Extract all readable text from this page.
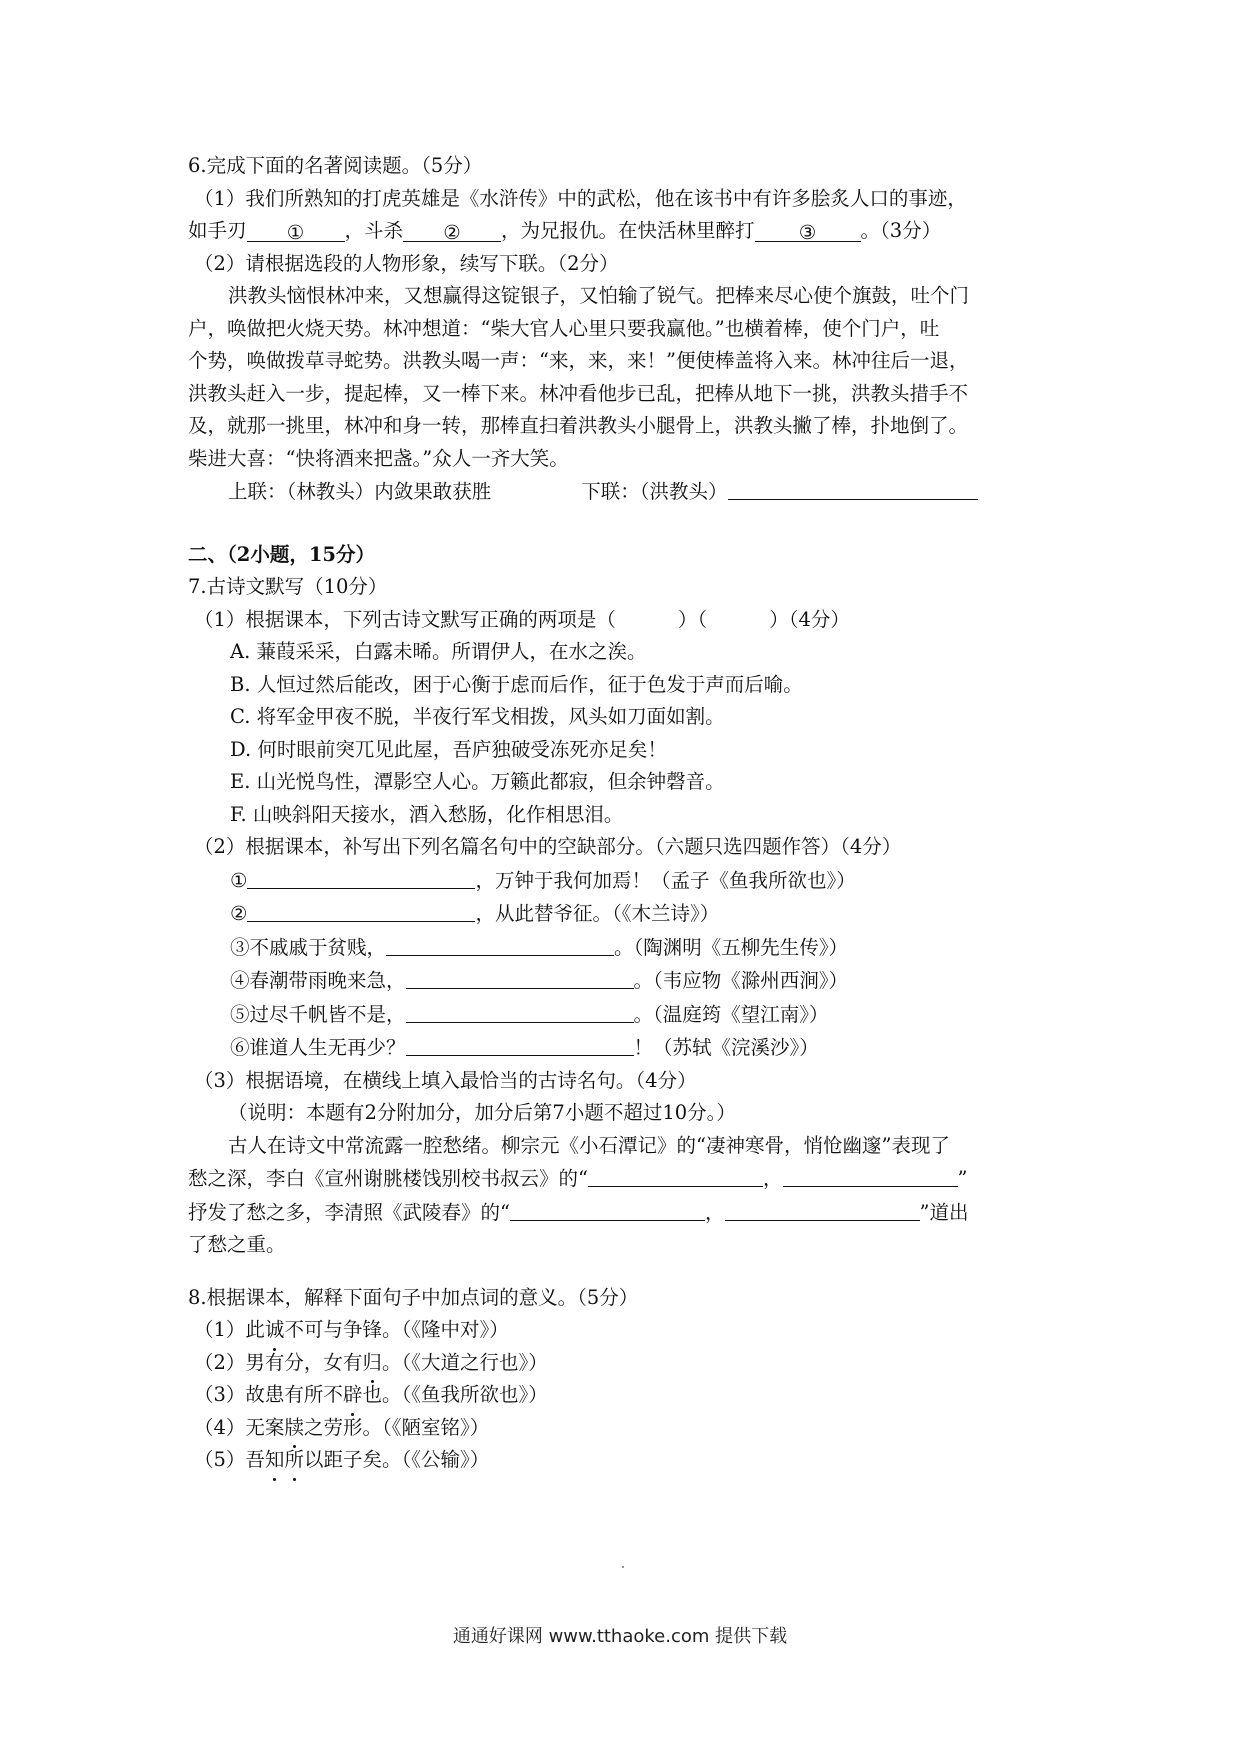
6.完成下面的名著阅读题。（5分）
（1）我们所熟知的打虎英雄是《水浒传》中的武松，他在该书中有许多脍炙人口的事迹，
如手刃 ① ，斗杀 ② ，为兄报仇。在快活林里醉打 ③ 。（3分）
（2）请根据选段的人物形象，续写下联。（2分）
洪教头恼恨林冲来，又想赢得这锭银子，又怕输了锐气。把棒来尽心使个旗鼓，吐个门
户，唤做把火烧天势。林冲想道：“柴大官人心里只要我赢他。”也横着棒，使个门户，吐
个势，唤做拨草寻蛇势。洪教头喝一声：“来，来，来！”便使棒盖将入来。林冲往后一退，
洪教头赶入一步，提起棒，又一棒下来。林冲看他步已乱，把棒从地下一挑，洪教头措手不
及，就那一挑里，林冲和身一转，那棒直扫着洪教头小腿骨上，洪教头撇了棒，扑地倒了。
柴进大喜：“快将酒来把盏。”众人一齐大笑。
上联：（林教头）内敛果敢获胜	下联：（洪教头）
二、（2小题，15分）
7.古诗文默写（10分）
（1）根据课本，下列古诗文默写正确的两项是（	）（	）（4分）
A. 蒹葭采采，白露未晞。所谓伊人，在水之涘。
B. 人恒过然后能改，困于心衡于虑而后作，征于色发于声而后喻。
C. 将军金甲夜不脱，半夜行军戈相拨，风头如刀面如割。
D. 何时眼前突兀见此屋，吾庐独破受冻死亦足矣！
E. 山光悦鸟性，潭影空人心。万籁此都寂，但余钟磬音。
F. 山映斜阳天接水，酒入愁肠，化作相思泪。
（2）根据课本，补写出下列名篇名句中的空缺部分。（六题只选四题作答）（4分）
①	，万钟于我何加焉！（孟子《鱼我所欲也》）
②	，从此替爷征。（《木兰诗》）
③不戚戚于贫贱，	。（陶渊明《五柳先生传》）
④春潮带雨晚来急，	。（韦应物《滁州西涧》）
⑤过尽千帆皆不是，	。（温庭筠《望江南》）
⑥谁道人生无再少？	！（苏轼《浣溪沙》）
（3）根据语境，在横线上填入最恰当的古诗名句。（4分）
（说明：本题有2分附加分，加分后第7小题不超过10分。）
古人在诗文中常流露一腔愁绪。柳宗元《小石潭记》的“凄神寒骨，悄怆幽邃”表现了
愁之深，李白《宣州谢朓楼饯别校书叔云》的“	，	”
抒发了愁之多，李清照《武陵春》的“	，	”道出
了愁之重。
8.根据课本，解释下面句子中加点词的意义。（5分）
（1）此诚不可与争锋。（《隆中对》）
（2）男有分，女有归。（《大道之行也》）
（3）故患有所不辟也。（《鱼我所欲也》）
（4）无案牍之劳形。（《陋室铭》）
（5）吾知所以距子矣。（《公输》）
通通好课网 www.tthaoke.com 提供下载
